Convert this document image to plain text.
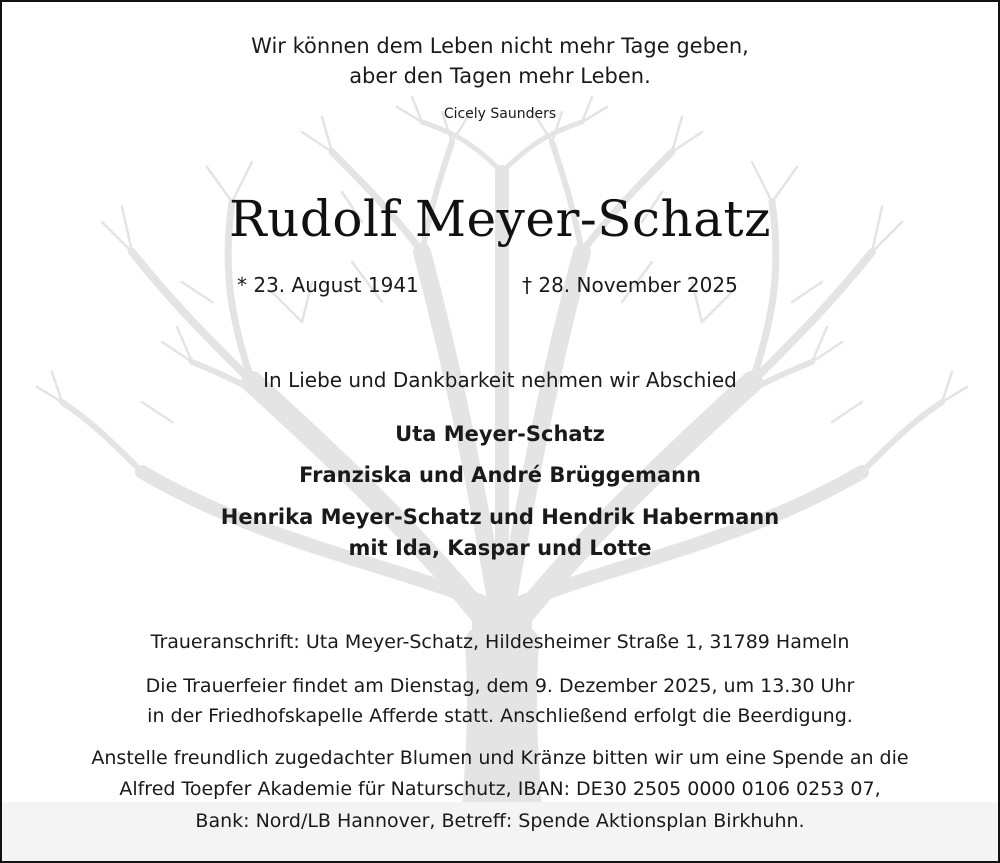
Wir können dem Leben nicht mehr Tage geben,
aber den Tagen mehr Leben.
Cicely Saunders
Rudolf Meyer-Schatz
* 23. August 1941	† 28. November 2025
In Liebe und Dankbarkeit nehmen wir Abschied
Uta Meyer-Schatz
Franziska und André Brüggemann
Henrika Meyer-Schatz und Hendrik Habermann
mit Ida, Kaspar und Lotte
Traueranschrift: Uta Meyer-Schatz, Hildesheimer Straße 1, 31789 Hameln
Die Trauerfeier findet am Dienstag, dem 9. Dezember 2025, um 13.30 Uhr
in der Friedhofskapelle Afferde statt. Anschließend erfolgt die Beerdigung.
Anstelle freundlich zugedachter Blumen und Kränze bitten wir um eine Spende an die
Alfred Toepfer Akademie für Naturschutz, IBAN: DE30 2505 0000 0106 0253 07,
Bank: Nord/LB Hannover, Betreff: Spende Aktionsplan Birkhuhn.
